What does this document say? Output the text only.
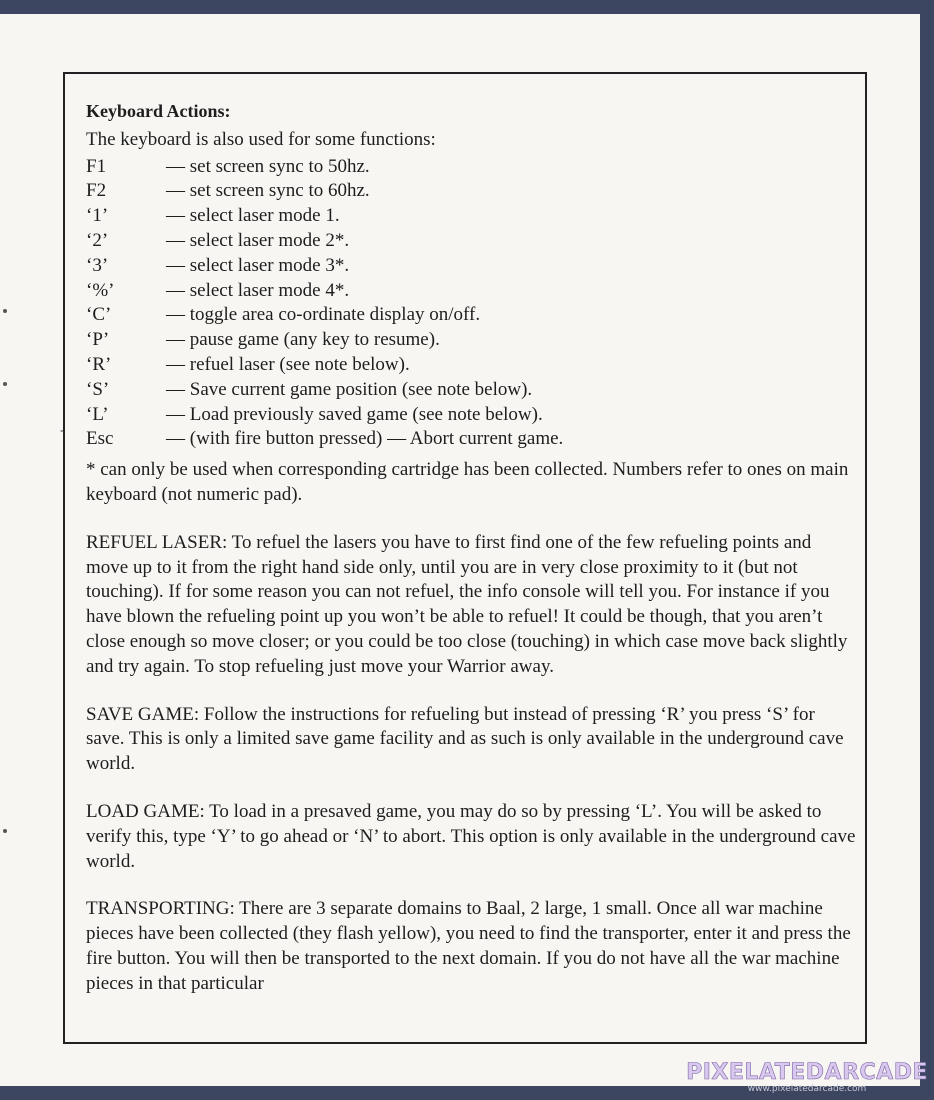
-
Keyboard Actions:
The keyboard is also used for some functions:
F1	— set screen sync to 50hz.
F2	— set screen sync to 60hz.
‘1’	— select laser mode 1.
‘2’	— select laser mode 2*.
‘3’	— select laser mode 3*.
‘%’	— select laser mode 4*.
‘C’	— toggle area co-ordinate display on/off.
‘P’	— pause game (any key to resume).
‘R’	— refuel laser (see note below).
‘S’	— Save current game position (see note below).
‘L’	— Load previously saved game (see note below).
Esc	— (with fire button pressed) — Abort current game.
* can only be used when corresponding cartridge has been collected. Numbers refer to ones on main keyboard (not numeric pad).
REFUEL LASER: To refuel the lasers you have to first find one of the few refueling points and move up to it from the right hand side only, until you are in very close proximity to it (but not touching). If for some reason you can not refuel, the info console will tell you. For instance if you have blown the refueling point up you won’t be able to refuel! It could be though, that you aren’t close enough so move closer; or you could be too close (touching) in which case move back slightly and try again. To stop refueling just move your Warrior away.
SAVE GAME: Follow the instructions for refueling but instead of pressing ‘R’ you press ‘S’ for save. This is only a limited save game facility and as such is only available in the underground cave world.
LOAD GAME: To load in a presaved game, you may do so by pressing ‘L’. You will be asked to verify this, type ‘Y’ to go ahead or ‘N’ to abort. This option is only available in the underground cave world.
TRANSPORTING: There are 3 separate domains to Baal, 2 large, 1 small. Once all war machine pieces have been collected (they flash yellow), you need to find the transporter, enter it and press the fire button. You will then be transported to the next domain. If you do not have all the war machine pieces in that particular
PIXELATEDARCADE
www.pixelatedarcade.com
